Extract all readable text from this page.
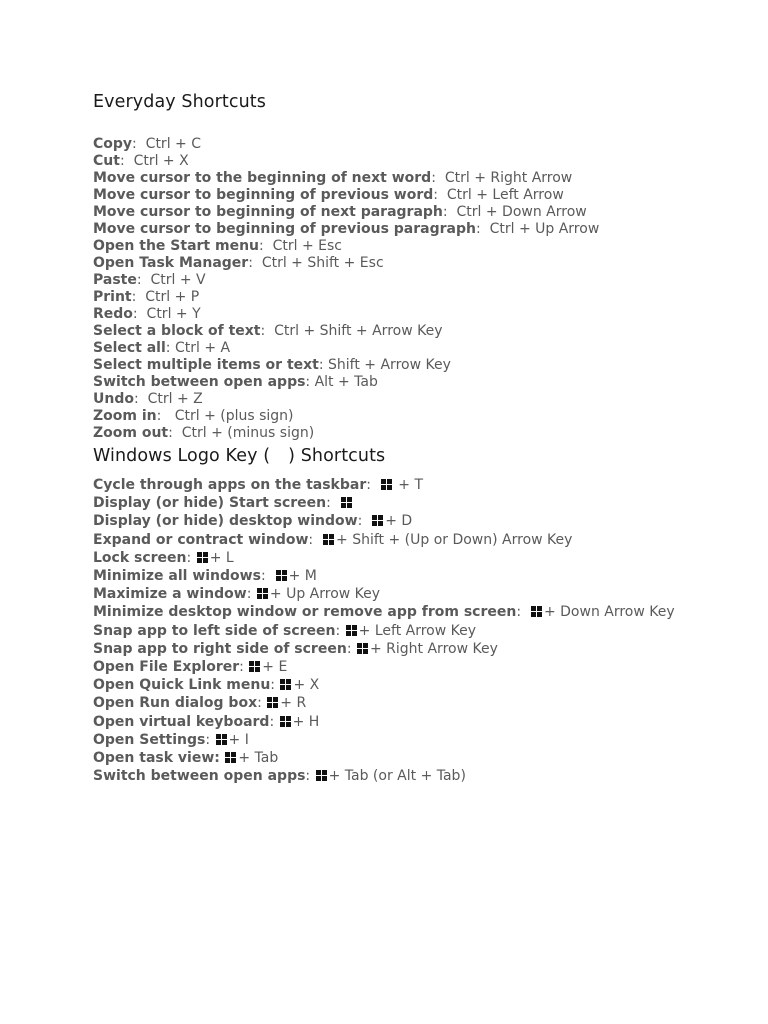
Everyday Shortcuts
Copy:  Ctrl + C
Cut:  Ctrl + X
Move cursor to the beginning of next word:  Ctrl + Right Arrow
Move cursor to beginning of previous word:  Ctrl + Left Arrow
Move cursor to beginning of next paragraph:  Ctrl + Down Arrow
Move cursor to beginning of previous paragraph:  Ctrl + Up Arrow
Open the Start menu:  Ctrl + Esc
Open Task Manager:  Ctrl + Shift + Esc
Paste:  Ctrl + V
Print:  Ctrl + P
Redo:  Ctrl + Y
Select a block of text:  Ctrl + Shift + Arrow Key
Select all: Ctrl + A
Select multiple items or text: Shift + Arrow Key
Switch between open apps: Alt + Tab
Undo:  Ctrl + Z
Zoom in:   Ctrl + (plus sign)
Zoom out:  Ctrl + (minus sign)
Windows Logo Key ( ) Shortcuts
Cycle through apps on the taskbar:
+ T
Display (or hide) Start screen:
Display (or hide) desktop window:
+ D
Expand or contract window:
+ Shift + (Up or Down) Arrow Key
Lock screen:
+ L
Minimize all windows:
+ M
Maximize a window:
+ Up Arrow Key
Minimize desktop window or remove app from screen:
+ Down Arrow Key
Snap app to left side of screen:
+ Left Arrow Key
Snap app to right side of screen:
+ Right Arrow Key
Open File Explorer:
+ E
Open Quick Link menu:
+ X
Open Run dialog box:
+ R
Open virtual keyboard:
+ H
Open Settings:
+ I
Open task view: + Tab
Switch between open apps:
+ Tab (or Alt + Tab)
